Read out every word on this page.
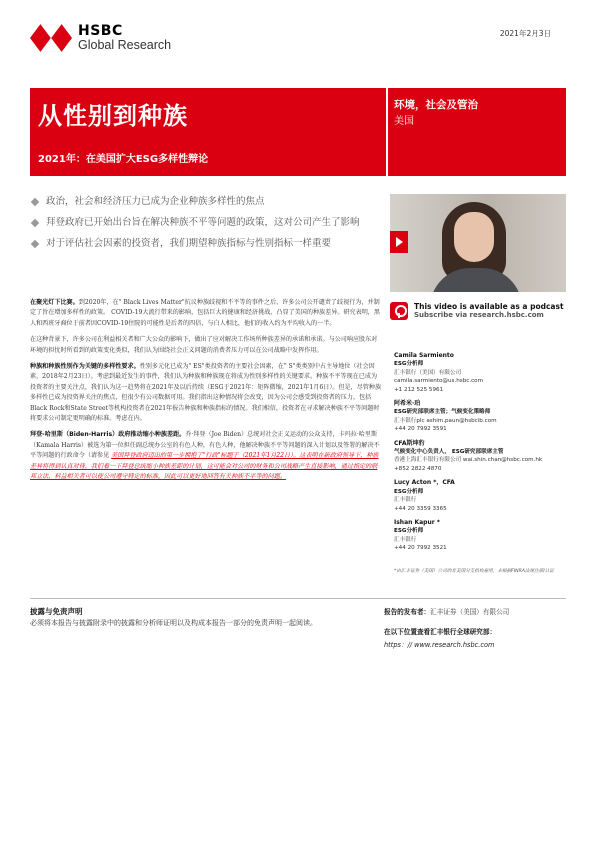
HSBC
Global Research
2021年2月3日
从性别到种族
2021年：在美国扩大ESG多样性辩论
环境，社会及管治
美国
政治，社会和经济压力已成为企业种族多样性的焦点
拜登政府已开始出台旨在解决种族不平等问题的政策，这对公司产生了影响
对于评估社会因素的投资者，我们期望种族指标与性别指标一样重要
This video is available as a podcast
Subscribe via research.hsbc.com
在聚光灯下比赛。到2020年，在" Black Lives Matter"抗议种族歧视和不平等的事件之后，许多公司公开谴责了歧视行为，并制定了旨在增加多样性的政策。 COVID-19大流行带来的影响，包括巨大的健康和经济挑战，凸显了美国的种族差异。研究表明，黑人和西班牙裔位于前者因COVID-19住院的可能性是后者的四倍，与白人相比，他们的收入约为平均收入的一半。
在这种背景下，许多公司在利益相关者和广大公众的影响下，做出了应对解决工作场所种族差异的承诺和承诺。与公司响应股东对环境的担忧时所看到的政策变化类似，我们认为围绕社会正义问题的消费者压力可以在公司战略中发挥作用。
种族和种族性别作为关键的多样性要求。性别多元化已成为" ES"类投资者的主要社会因素，在" S"类类别中占主导地位（社会因素，2018年2月23日）。考虑到最近发生的事件，我们认为种族和种族现在将成为性别多样性的关键要求。种族不平等现在已成为投资者的主要关注点，我们认为这一趋势将在2021年及以后持续（ESG于2021年：矩阵微缩，2021年1月6日）。但是，尽管种族多样性已成为投资界关注的焦点，但很少有公司数据可用。我们指出这种情况将会改变，因为公司会感受到投资者的压力，包括Black Rock和State Street等机构投资者在2021年报告种族和种族指标的情况。我们相信，投资者在寻求解决种族不平等问题时将要求公司制定更明确的标准。考虑在内。
拜登-哈里斯（Biden-Harris）政府推动缩小种族差距。乔·拜登（Joe Biden）总统对社会正义运动的公众支持，卡玛拉·哈里斯（Kamala Harris）被选为第一位担任副总统办公室的有色人种，有色人种，他解决种族不平等问题的深入计划以及签署的解决不平等问题的行政命令（请参见 美国拜登政府迈出的第一步拥抱了"行政"标题于（2021年1月22日）。这表明在新政府领导下，种族差异将得到认真对待，我们看一下拜登总统缩小种族差距的计划，这可能会对公司的财务和公司战略产生直接影响，通过指定的联邦立法，料益相关者可以使公司遵守特定的标准，因此可以更好地回答有关种族不平等的问题。
Camila Sarmiento
ESG分析师
汇丰银行（美国）有限公司
camila.sarmiento@us.hsbc.com
+1 212 525 5961
阿希米·珀
ESG研究部联席主管；气候变化策略师
汇丰银行plc ashim.paun@hsbcib.com
+44 20 7992 3591
CFA斯坤豹
气候变化中心负责人， ESG研究部联席主管
香港上海汇丰银行有限公司 wai.shin.chan@hsbc.com.hk
+852 2822 4870
Lucy Acton *，CFA
ESG分析师
汇丰银行
+44 20 3359 3365
Ishan Kapur *
ESG分析师
汇丰银行
+44 20 7992 3521
*由汇丰证券（美国）公司的非美国分支机构雇用，未根据FINRA法规注册/认证
披露与免责声明
必须将本报告与披露附录中的披露和分析师证明以及构成本报告一部分的免责声明一起阅读。
报告的发布者：汇丰证券（美国）有限公司
在以下位置查看汇丰银行全球研究部：
https：// www.research.hsbc.com
